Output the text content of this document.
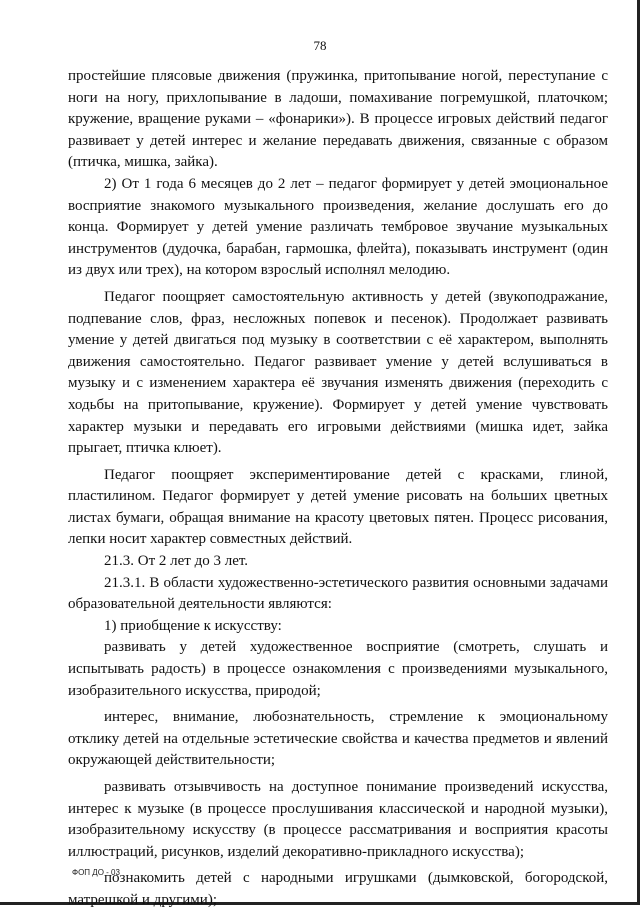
78

простейшие плясовые движения (пружинка, притопывание ногой, переступание с ноги на ногу, прихлопывание в ладоши, помахивание погремушкой, платочком; кружение, вращение руками – «фонарики»). В процессе игровых действий педагог развивает у детей интерес и желание передавать движения, связанные с образом (птичка, мишка, зайка).

2) От 1 года 6 месяцев до 2 лет – педагог формирует у детей эмоциональное восприятие знакомого музыкального произведения, желание дослушать его до конца. Формирует у детей умение различать тембровое звучание музыкальных инструментов (дудочка, барабан, гармошка, флейта), показывать инструмент (один из двух или трех), на котором взрослый исполнял мелодию.

Педагог поощряет самостоятельную активность у детей (звукоподражание, подпевание слов, фраз, несложных попевок и песенок). Продолжает развивать умение у детей двигаться под музыку в соответствии с её характером, выполнять движения самостоятельно. Педагог развивает умение у детей вслушиваться в музыку и с изменением характера её звучания изменять движения (переходить с ходьбы на притопывание, кружение). Формирует у детей умение чувствовать характер музыки и передавать его игровыми действиями (мишка идет, зайка прыгает, птичка клюет).

Педагог поощряет экспериментирование детей с красками, глиной, пластилином. Педагог формирует у детей умение рисовать на больших цветных листах бумаги, обращая внимание на красоту цветовых пятен. Процесс рисования, лепки носит характер совместных действий.

21.3. От 2 лет до 3 лет.

21.3.1. В области художественно-эстетического развития основными задачами образовательной деятельности являются:

1) приобщение к искусству:

развивать у детей художественное восприятие (смотреть, слушать и испытывать радость) в процессе ознакомления с произведениями музыкального, изобразительного искусства, природой;

интерес, внимание, любознательность, стремление к эмоциональному отклику детей на отдельные эстетические свойства и качества предметов и явлений окружающей действительности;

развивать отзывчивость на доступное понимание произведений искусства, интерес к музыке (в процессе прослушивания классической и народной музыки), изобразительному искусству (в процессе рассматривания и восприятия красоты иллюстраций, рисунков, изделий декоративно-прикладного искусства);

познакомить детей с народными игрушками (дымковской, богородской, матрешкой и другими);

ФОП ДО - 03
